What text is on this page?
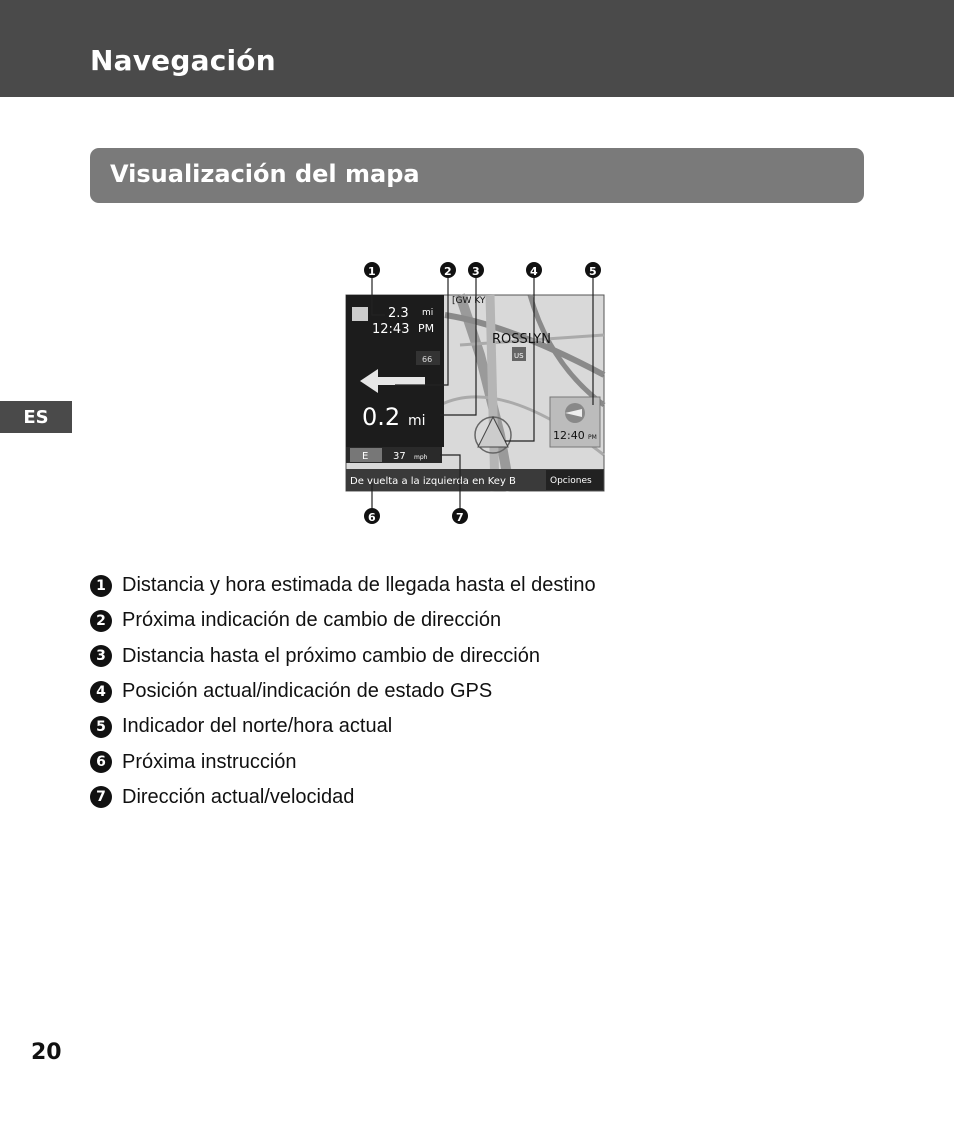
Navegación
Visualización del mapa
ES
2.3 mi
12:43 PM
66
0.2 mi
ROSSLYN
[GW KY
US
12:40 PM
E 37 mph
De vuelta a la izquierda en Key B	Opciones
1	2 3	4	5
6	7
1 Distancia y hora estimada de llegada hasta el destino
2 Próxima indicación de cambio de dirección
3 Distancia hasta el próximo cambio de dirección
4 Posición actual/indicación de estado GPS
5 Indicador del norte/hora actual
6 Próxima instrucción
7 Dirección actual/velocidad
20
